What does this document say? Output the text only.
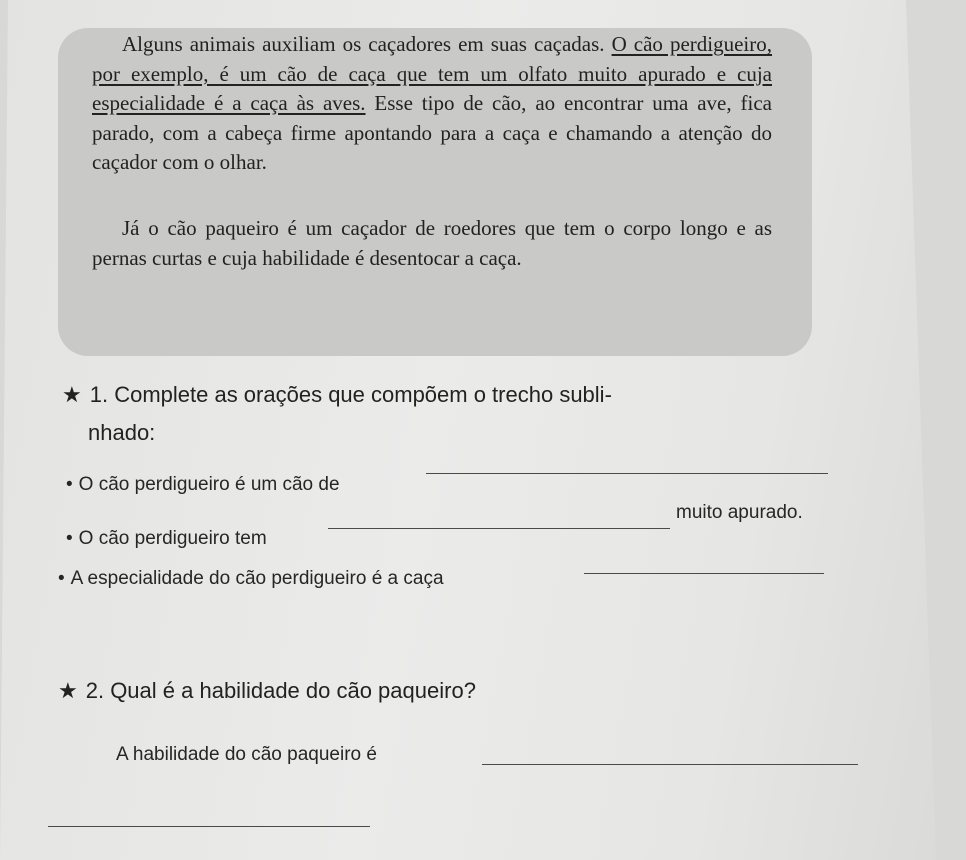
Alguns animais auxiliam os caçadores em suas caçadas. O cão perdigueiro, por exemplo, é um cão de caça que tem um olfato muito apurado e cuja especialidade é a caça às aves. Esse tipo de cão, ao encontrar uma ave, fica parado, com a cabeça firme apontando para a caça e chamando a atenção do caçador com o olhar.

Já o cão paqueiro é um caçador de roedores que tem o corpo longo e as pernas curtas e cuja habilidade é desentocar a caça.

★ 1. Complete as orações que compõem o trecho subli-

nhado:

• O cão perdigueiro é um cão de

• O cão perdigueiro tem

muito apurado.

• A especialidade do cão perdigueiro é a caça

★ 2. Qual é a habilidade do cão paqueiro?

A habilidade do cão paqueiro é
